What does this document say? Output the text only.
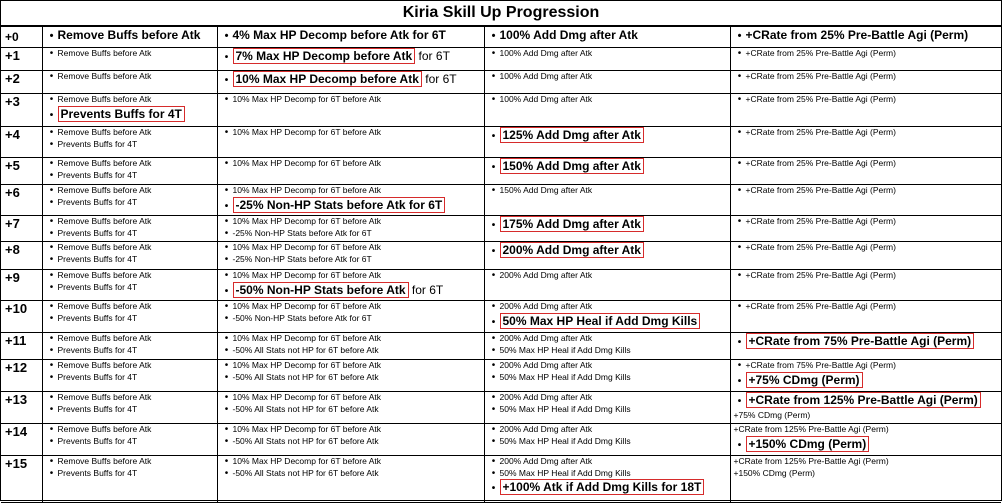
Kiria Skill Up Progression
+0	• Remove Buffs before Atk	• 4% Max HP Decomp before Atk for 6T	• 100% Add Dmg after Atk	• +CRate from 25% Pre-Battle Agi (Perm)

+1	• Remove Buffs before Atk	• 7% Max HP Decomp before Atk for 6T	• 100% Add Dmg after Atk	• +CRate from 25% Pre-Battle Agi (Perm)

+2	• Remove Buffs before Atk	• 10% Max HP Decomp before Atk for 6T	• 100% Add Dmg after Atk	• +CRate from 25% Pre-Battle Agi (Perm)

+3	• Remove Buffs before Atk
• Prevents Buffs for 4T	• 10% Max HP Decomp for 6T before Atk	• 100% Add Dmg after Atk	• +CRate from 25% Pre-Battle Agi (Perm)

+4	• Remove Buffs before Atk
• Prevents Buffs for 4T	• 10% Max HP Decomp for 6T before Atk	• 125% Add Dmg after Atk	• +CRate from 25% Pre-Battle Agi (Perm)

+5	• Remove Buffs before Atk
• Prevents Buffs for 4T	• 10% Max HP Decomp for 6T before Atk	• 150% Add Dmg after Atk	• +CRate from 25% Pre-Battle Agi (Perm)

+6	• Remove Buffs before Atk
• Prevents Buffs for 4T	• 10% Max HP Decomp for 6T before Atk
• -25% Non-HP Stats before Atk for 6T	• 150% Add Dmg after Atk	• +CRate from 25% Pre-Battle Agi (Perm)

+7	• Remove Buffs before Atk
• Prevents Buffs for 4T	• 10% Max HP Decomp for 6T before Atk
• -25% Non-HP Stats before Atk for 6T	• 175% Add Dmg after Atk	• +CRate from 25% Pre-Battle Agi (Perm)

+8	• Remove Buffs before Atk
• Prevents Buffs for 4T	• 10% Max HP Decomp for 6T before Atk
• -25% Non-HP Stats before Atk for 6T	• 200% Add Dmg after Atk	• +CRate from 25% Pre-Battle Agi (Perm)

+9	• Remove Buffs before Atk
• Prevents Buffs for 4T	• 10% Max HP Decomp for 6T before Atk
• -50% Non-HP Stats before Atk for 6T	• 200% Add Dmg after Atk	• +CRate from 25% Pre-Battle Agi (Perm)

+10	• Remove Buffs before Atk
• Prevents Buffs for 4T	• 10% Max HP Decomp for 6T before Atk
• -50% Non-HP Stats before Atk for 6T	• 200% Add Dmg after Atk
• 50% Max HP Heal if Add Dmg Kills	• +CRate from 25% Pre-Battle Agi (Perm)

+11	• Remove Buffs before Atk
• Prevents Buffs for 4T	• 10% Max HP Decomp for 6T before Atk
• -50% All Stats not HP for 6T before Atk	• 200% Add Dmg after Atk
• 50% Max HP Heal if Add Dmg Kills	• +CRate from 75% Pre-Battle Agi (Perm)

+12	• Remove Buffs before Atk
• Prevents Buffs for 4T	• 10% Max HP Decomp for 6T before Atk
• -50% All Stats not HP for 6T before Atk	• 200% Add Dmg after Atk
• 50% Max HP Heal if Add Dmg Kills	• +CRate from 75% Pre-Battle Agi (Perm)
• +75% CDmg (Perm)

+13	• Remove Buffs before Atk
• Prevents Buffs for 4T	• 10% Max HP Decomp for 6T before Atk
• -50% All Stats not HP for 6T before Atk	• 200% Add Dmg after Atk
• 50% Max HP Heal if Add Dmg Kills	• +CRate from 125% Pre-Battle Agi (Perm)
+75% CDmg (Perm)

+14	• Remove Buffs before Atk
• Prevents Buffs for 4T	• 10% Max HP Decomp for 6T before Atk
• -50% All Stats not HP for 6T before Atk	• 200% Add Dmg after Atk
• 50% Max HP Heal if Add Dmg Kills	+CRate from 125% Pre-Battle Agi (Perm)
• +150% CDmg (Perm)

+15	• Remove Buffs before Atk
• Prevents Buffs for 4T	• 10% Max HP Decomp for 6T before Atk
• -50% All Stats not HP for 6T before Atk	• 200% Add Dmg after Atk
• 50% Max HP Heal if Add Dmg Kills
• +100% Atk if Add Dmg Kills for 18T	+CRate from 125% Pre-Battle Agi (Perm)
+150% CDmg (Perm)
